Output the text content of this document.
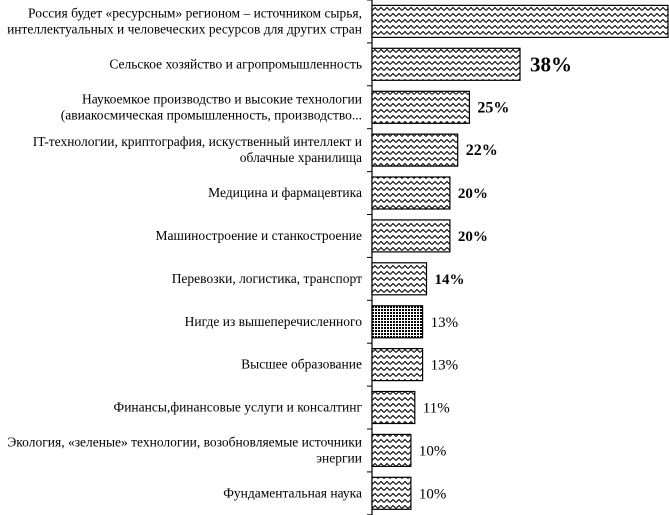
Россия будет «ресурсным» регионом – источником сырья,
интеллектуальных и человеческих ресурсов для других стран
Сельское хозяйство и агропромышленность
Наукоемкое производство и высокие технологии
(авиакосмическая промышленность, производство...
IT-технологии, криптография, искуственный интеллект и
облачные хранилища
Медицина и фармацевтика
Машиностроение и станкостроение
Перевозки, логистика, транспорт
Нигде из вышеперечисленного
Высшее образование
Финансы,финансовые услуги и консалтинг
Экология, «зеленые» технологии, возобновляемые источники
энергии
Фундаментальная наука
38%
25%
22%
20%
20%
14%
13%
13%
11%
10%
10%
